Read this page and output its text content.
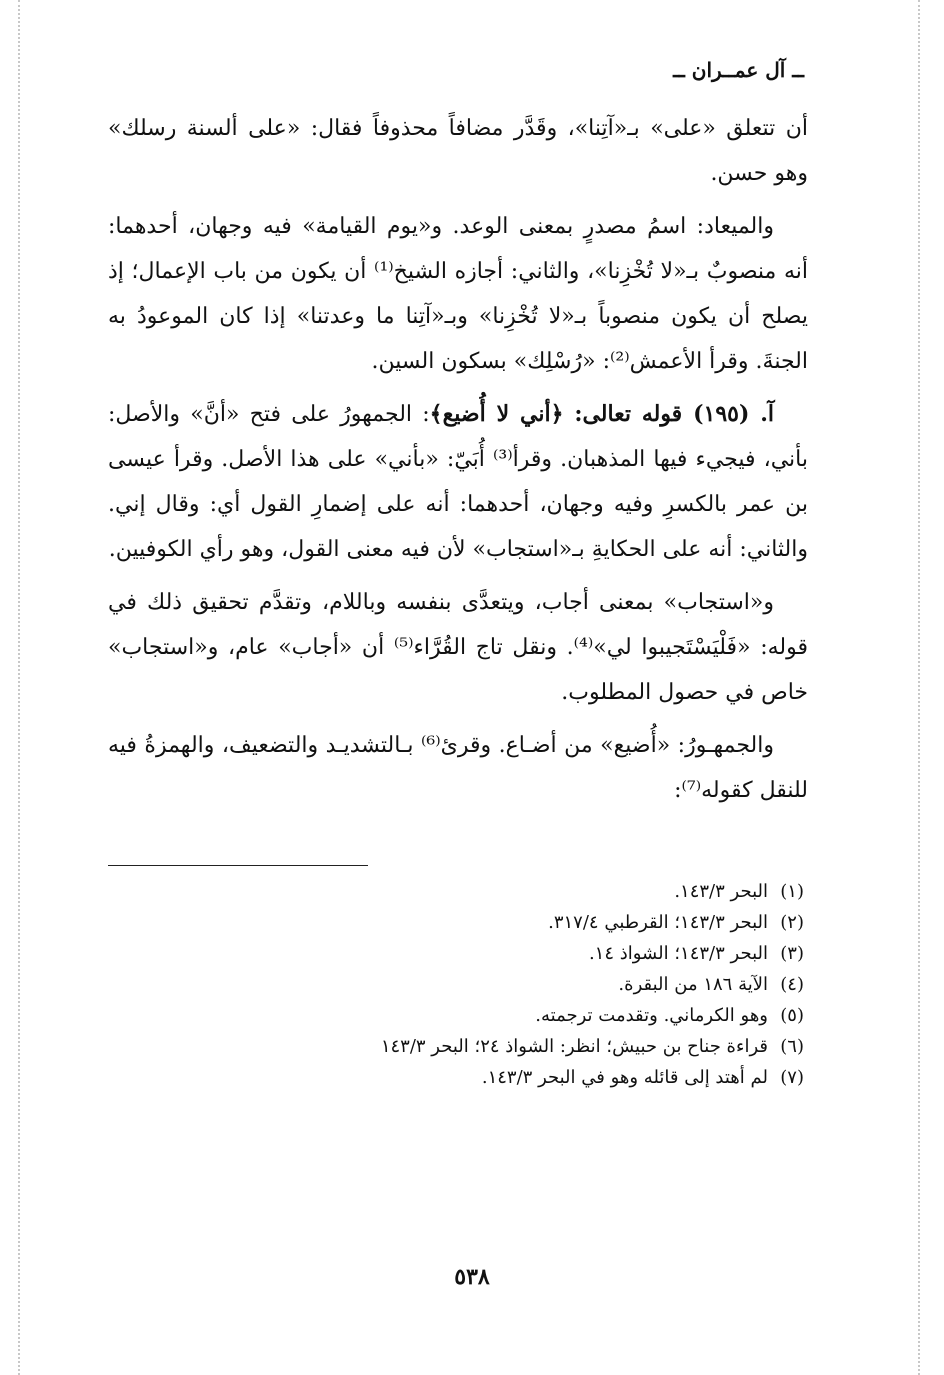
ــ آل عمــران ــ

أن تتعلق «على» بـ«آتِنا»، وقَدَّر مضافاً محذوفاً فقال: «على ألسنة رسلك» وهو حسن.

والميعاد: اسمُ مصدرٍ بمعنى الوعد. و«يوم القيامة» فيه وجهان، أحدهما: أنه منصوبٌ بـ«لا تُخْزِنا»، والثاني: أجازه الشيخ⁽¹⁾ أن يكون من باب الإعمال؛ إذ يصلح أن يكون منصوباً بـ«لا تُخْزِنا» وبـ«آتِنا ما وعدتنا» إذا كان الموعودُ به الجنةَ. وقرأ الأعمش⁽²⁾: «رُسْلِك» بسكون السين.

آ. (١٩٥) قوله تعالى: ﴿أني لا أُضيع﴾: الجمهورُ على فتح «أنَّ» والأصل: بأني، فيجيء فيها المذهبان. وقرأ⁽³⁾ أُبَيّ: «بأني» على هذا الأصل. وقرأ عيسى بن عمر بالكسرِ وفيه وجهان، أحدهما: أنه على إضمارِ القول أي: وقال إني. والثاني: أنه على الحكايةِ بـ«استجاب» لأن فيه معنى القول، وهو رأي الكوفيين.

و«استجاب» بمعنى أجاب، ويتعدَّى بنفسه وباللام، وتقدَّم تحقيق ذلك في قوله: «فَلْيَسْتَجيبوا لي»⁽⁴⁾. ونقل تاج القُرَّاء⁽⁵⁾ أن «أجاب» عام، و«استجاب» خاص في حصول المطلوب.

والجمهـورُ: «أُضيع» من أضـاع. وقرئ⁽⁶⁾ بـالتشديـد والتضعيف، والهمزةُ فيه للنقل كقوله⁽⁷⁾:

(١)البحر ١٤٣/٣.
(٢)البحر ١٤٣/٣؛ القرطبي ٣١٧/٤.
(٣)البحر ١٤٣/٣؛ الشواذ ١٤.
(٤)الآية ١٨٦ من البقرة.
(٥)وهو الكرماني. وتقدمت ترجمته.
(٦)قراءة جناح بن حبيش؛ انظر: الشواذ ٢٤؛ البحر ١٤٣/٣
(٧)لم أهتد إلى قائله وهو في البحر ١٤٣/٣.
٥٣٨
